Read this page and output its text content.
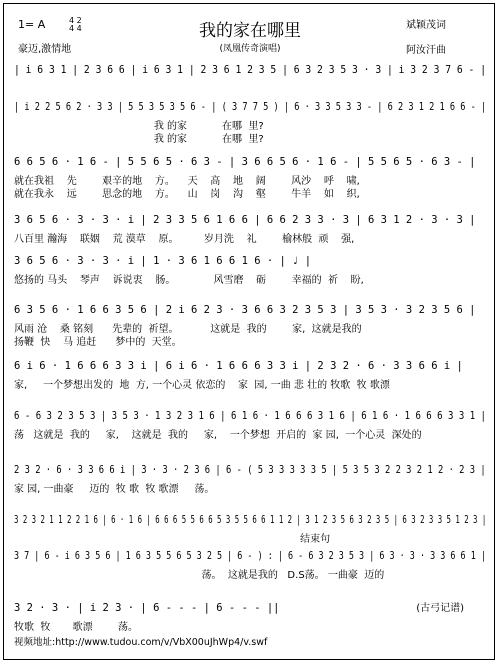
1= A	4 2
4 4
豪迈,激情地
我的家在哪里
(凤凰传奇演唱)
斌颖茂词
阿汝汗曲
| i 6 3 1 | 2 3 6 6 | i 6 3 1 | 2 3 6 1 2 3 5 | 6 3 2 3 5 3 · 3 | i 3 2 3 7 6 - |
| i 2 2 5 6 2 · 3 3 | 5 5 3 5 3 5 6 - | ( 3 7 7 5 ) | 6 · 3 3 5 3 3 - | 6 2 3 1 2 1 6 6 - |
我 的家           在哪  里?
我 的家           在哪  里?
6 6 5 6 · 1 6 - | 5 5 6 5 · 6 3 - | 3 6 6 5 6 · 1 6 - | 5 5 6 5 · 6 3 - |
就在我祖    先        艰辛的地    方。    天    高    地    阔        风沙    呼    啸,
就在我永    远        思念的地    方。    山    岗    沟    壑        牛羊    如    织,
3 6 5 6 · 3 · 3 · i | 2 3 3 5 6 1 6 6 | 6 6 2 3 3 · 3 | 6 3 1 2 · 3 · 3 |
八百里 瀚海    联姻    荒 漠草    原。        岁月洗    礼        榆林般  顽    强,
3 6 5 6 · 3 · 3 · i | 1 · 3 6 1 6 6 1 6 · | ♩ |
悠扬的 马头    琴声    诉说衷    肠。            风雪磨    砺        幸福的  祈    盼,
6 3 5 6 · 1 6 6 3 5 6 | 2 i 6 2 3 · 3 6 6 3 2 3 5 3 | 3 5 3 · 3 2 3 5 6 |
风雨 沧    桑 铭刻      先辈的  祈望。          这就是  我的        家,  这就是我的
扬鞭  快    马 追赶      梦中的  天堂。
6 i 6 · 1 6 6 6 3 3 i | 6 i 6 · 1 6 6 6 3 3 i | 2 3 2 · 6 · 3 3 6 6 i |
家,     一个梦想出发的  地  方, 一个心灵 依恋的    家  园, 一曲 悲 壮的 牧歌  牧 歌漂
6 - 6 3 2 3 5 3 | 3 5 3 · 1 3 2 3 1 6 | 6 1 6 · 1 6 6 6 3 1 6 | 6 1 6 · 1 6 6 6 3 3 1 |
荡   这就是  我的     家,    这就是  我的     家,    一个梦想  开启的  家 园,  一个心灵  深处的
2 3 2 · 6 · 3 3 6 6 i | 3 · 3 · 2 3 6 | 6 - ( 5 3 3 3 3 3 5 | 5 3 5 3 2 2 3 2 1 2 · 2 3 |
家 园, 一曲豪     迈的  牧 歌  牧 歌漂     荡。
3 2 3 2 1 1 2 2 1 6 | 6 · 1 6 | 6 6 6 5 5 6 6 5 3 5 5 6 6 1 1 2 | 3 1 2 3 5 6 3 2 3 5 | 6 3 2 3 3 5 1 2 3 |
结束句
3 7 | 6 - i 6 3 5 6 | 1 6 3 5 5 6 5 3 2 5 | 6 - ) : | 6 - 6 3 2 3 5 3 | 6 3 · 3 · 3 3 6 6 1 |
荡。  这就是我的   D.S荡。 一曲豪  迈的
3 2 · 3 · | i 2 3 · | 6 - - - | 6 - - - ||
牧歌  牧       歌漂        荡。
(古弓记谱)
视频地址:http://www.tudou.com/v/VbX00uJhWp4/v.swf
